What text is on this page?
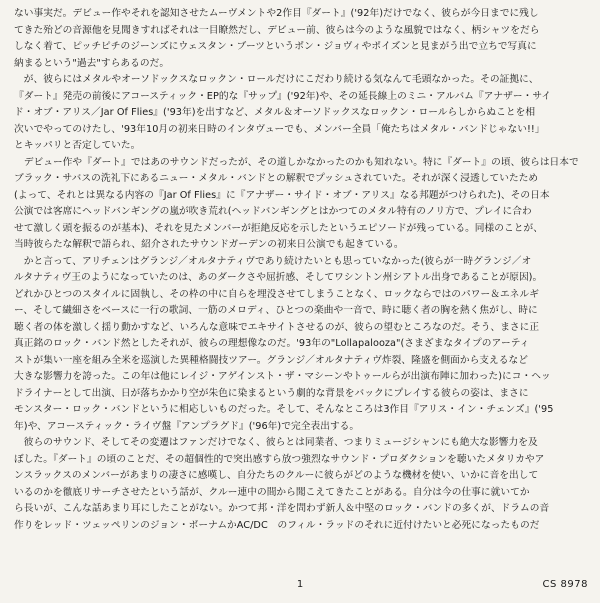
ない事実だ。デビュー作やそれを認知させたムーヴメントや2作目『ダート』('92年)だけでなく、彼らが今日までに残し
てきた殆どの音源他を見聞きすればそれは一目瞭然だし、デビュー前、彼らは今のような風貌ではなく、柄シャツをだら
しなく着て、ピッチピチのジーンズにウェスタン・ブーツというボン・ジョヴィやポイズンと見まがう出で立ちで写真に
納まるという"過去"すらあるのだ。
　が、彼らにはメタルやオーソドックスなロックン・ロールだけにこだわり続ける気なんて毛頭なかった。その証拠に、
『ダート』発売の前後にアコースティック・EP的な『サップ』('92年)や、その延長線上のミニ・アルバム『アナザー・サイ
ド・オブ・アリス／Jar Of Flies』('93年)を出すなど、メタル＆オーソドックスなロックン・ロールらしからぬことを相
次いでやってのけたし、'93年10月の初来日時のインタヴューでも、メンバー全員「俺たちはメタル・バンドじゃない!!」
とキッパリと否定していた。
　デビュー作や『ダート』ではあのサウンドだったが、その道しかなかったのかも知れない。特に『ダート』の頃、彼らは日本で
ブラック・サバスの洗礼下にあるニュー・メタル・バンドとの解釈でプッシュされていた。それが深く浸透していたため
(よって、それとは異なる内容の『Jar Of Flies』に『アナザー・サイド・オブ・アリス』なる邦題がつけられた)、その日本
公演では客席にヘッドバンギングの嵐が吹き荒れ(ヘッドバンギングとはかつてのメタル特有のノリ方で、プレイに合わ
せて激しく頭を振るのが基本)、それを見たメンバーが拒絶反応を示したというエピソードが残っている。同様のことが、
当時彼らたな解釈で語られ、紹介されたサウンドガーデンの初来日公演でも起きている。
　かと言って、アリチェンはグランジ／オルタナティヴであり続けたいとも思っていなかった(彼らが一時グランジ／オ
ルタナティヴ王のようになっていたのは、あのダークさや屈折感、そしてワシントン州シアトル出身であることが原因)。
どれかひとつのスタイルに固執し、その枠の中に自らを埋没させてしまうことなく、ロックならではのパワー＆エネルギ
ー、そして繊細さをベースに一行の歌詞、一筋のメロディ、ひとつの楽曲や一音で、時に聴く者の胸を熱く焦がし、時に
聴く者の体を激しく揺り動かすなど、いろんな意味でエキサイトさせるのが、彼らの望むところなのだ。そう、まさに正
真正銘のロック・バンド然としたそれが、彼らの理想像なのだ。'93年の"Lollapalooza"(さまざまなタイプのアーティ
ストが集い一座を組み全米を巡演した異種格闘技ツアー。グランジ／オルタナティヴ炸裂、隆盛を側面から支えるなど
大きな影響力を誇った。この年は他にレイジ・アゲインスト・ザ・マシーンやトゥールらが出演布陣に加わった)にコ・ヘッ
ドライナーとして出演、日が落ちかかり空が朱色に染まるという劇的な背景をバックにプレイする彼らの姿は、まさに
モンスター・ロック・バンドというに相応しいものだった。そして、そんなところは3作目『アリス・イン・チェンズ』('95
年)や、アコースティック・ライヴ盤『アンプラグド』('96年)で完全表出する。
　彼らのサウンド、そしてその変遷はファンだけでなく、彼らとは同業者、つまりミュージシャンにも絶大な影響力を及
ぼした。『ダート』の頃のことだ、その超個性的で突出感すら放つ強烈なサウンド・プロダクションを聴いたメタリカやア
ンスラックスのメンバーがあまりの凄さに感嘆し、自分たちのクルーに彼らがどのような機材を使い、いかに音を出して
いるのかを徹底リサーチさせたという話が、クルー連中の間から聞こえてきたことがある。自分は今の仕事に就いてか
ら長いが、こんな話あまり耳にしたことがない。かつて邦・洋を問わず新人＆中堅のロック・バンドの多くが、ドラムの音
作りをレッド・ツェッペリンのジョン・ボーナムかAC/DC　のフィル・ラッドのそれに近付けたいと必死になったものだ
1	CS 8978
